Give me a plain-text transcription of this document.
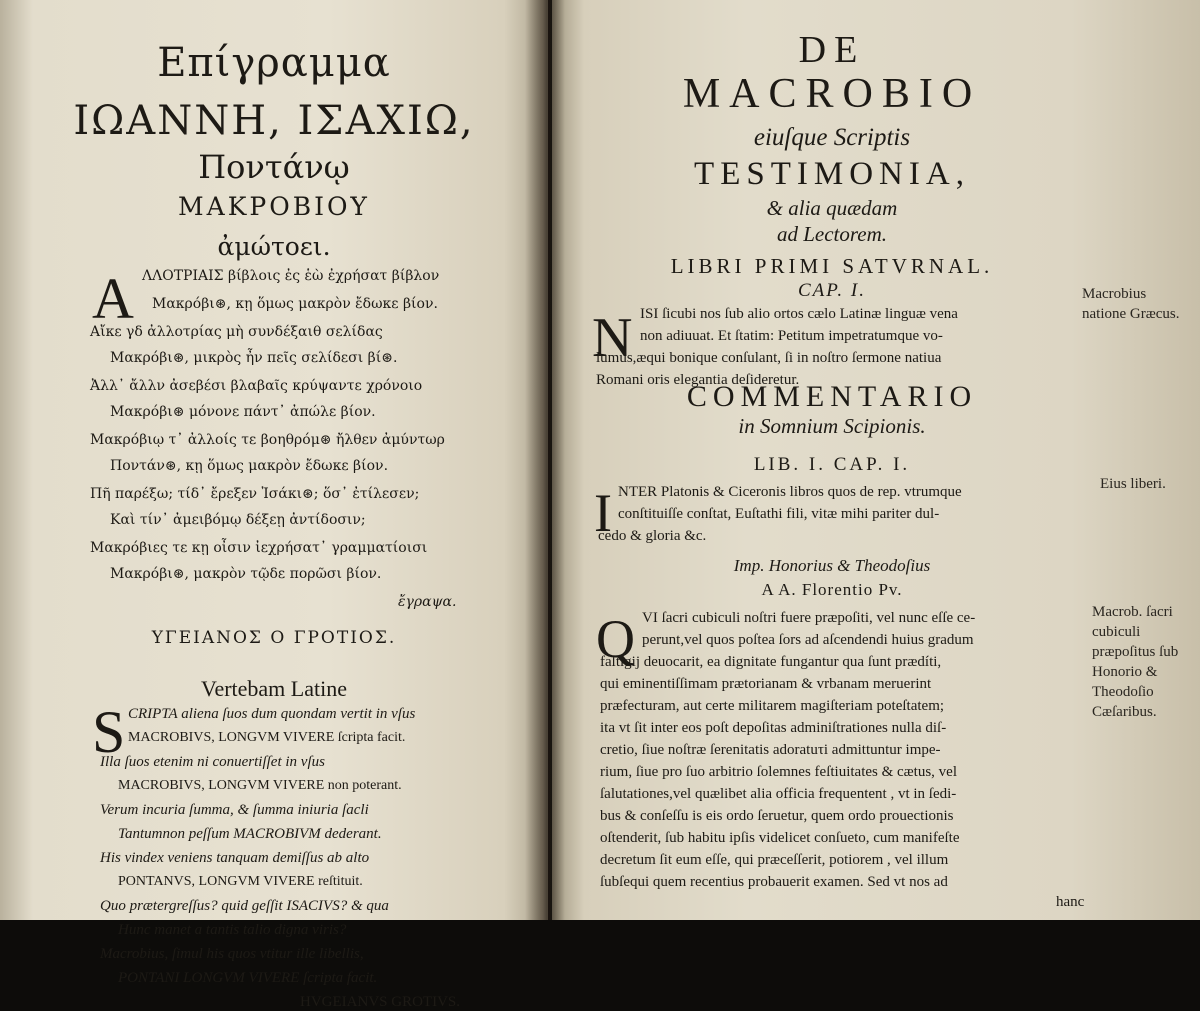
Επίγραμμα
ΙΩΑΝΝΗ, ΙΣΑΧΙΩ,
Ποντάνῳ
ΜΑΚΡΟΒΙΟΥ
ἀμώτοει.
A ΛΛΟΤΡΙΑΙΣ βίβλοις ἐς ἑὼ ἐχρήσατ βίβλον
Μακρόβι⊛, κῃ ὅμως μακρὸν ἔδωκε βίον.
Αἴκε γδ ἀλλοτρίας μὴ συνδέξαιθ σελίδας
Μακρόβι⊛, μικρὸς ἦν πεῖς σελίδεσι βί⊛.
Ἀλλ᾽ ἄλλν ἀσεβέσι βλαβαῖς κρύψαντε χρόνοιο
Μακρόβι⊛ μόνονε πάντ᾽ ἀπώλε βίον.
Μακρόβιῳ τ᾽ ἀλλοίς τε βοηθρόμ⊛ ἤλθεν ἀμύντωρ
Ποντάν⊛, κῃ ὅμως μακρὸν ἔδωκε βίον.
Πῆ παρέξω; τίδ᾽ ἔρεξεν Ἰσάκι⊛; ὅσ᾽ ἐτίλεσεν;
Καὶ τίν᾽ ἀμειβόμῳ δέξεῃ ἀντίδοσιν;
Μακρόβιες τε κῃ οἶσιν ἰεχρήσατ᾽ γραμματίοισι
Μακρόβι⊛, μακρὸν τῷδε πορῶσι βίον.
ἔγραψα.
ΥΓΕΙΑΝΟΣ Ο ΓΡΟΤΙΟΣ.
Vertebam Latine
S CRIPTA aliena ſuos dum quondam vertit in vſus
MACROBIVS, LONGVM VIVERE ſcripta facit.
Illa ſuos etenim ni conuertiſſet in vſus
MACROBIVS, LONGVM VIVERE non poterant.
Verum incuria ſumma, & ſumma iniuria ſacli
Tantumnon peſſum MACROBIVM dederant.
His vindex veniens tanquam demiſſus ab alto
PONTANVS, LONGVM VIVERE reſtituit.
Quo prætergreſſus? quid geſſit ISACIVS? & qua
Hunc manet a tantis talio digna viris?
Macrobius, ſimul his quos vtitur ille libellis,
PONTANI LONGVM VIVERE ſcripta facit.
HVGEIANVS GROTIVS.
DE
MACROBIO
eiuſque Scriptis
TESTIMONIA,
& alia quædam
ad Lectorem.
LIBRI PRIMI SATVRNAL.
CAP. I.
N ISI ſicubi nos ſub alio ortos cælo Latinæ linguæ vena
non adiuuat. Et ſtatim: Petitum impetratumque vo-
lumus,æqui bonique conſulant, ſi in noſtro ſermone natiua
Romani oris elegantia deſideretur.
Macrobius natione Græcus.
COMMENTARIO
in Somnium Scipionis.
LIB. I. CAP. I.
I NTER Platonis & Ciceronis libros quos de rep. vtrumque
conſtituiſſe conſtat, Euſtathi fili, vitæ mihi pariter dul-
cedo & gloria &c.
Eius liberi.
Imp. Honorius & Theodoſius
A A. Florentio Pv.
Q VI ſacri cubiculi noſtri fuere præpoſiti, vel nunc eſſe ce-
perunt,vel quos poſtea ſors ad aſcendendi huius gradum
faſtigij deuocarit, ea dignitate fungantur qua ſunt prædíti,
qui eminentiſſimam prætorianam & vrbanam meruerint
præfecturam, aut certe militarem magiſteriam poteſtatem;
ita vt ſit inter eos poſt depoſitas adminiſtrationes nulla diſ-
cretio, ſiue noſtræ ſerenitatis adoratuτi admittuntur impe-
rium, ſiue pro ſuo arbitrio ſolemnes feſtiuitates & cætus, vel
ſalutationes,vel quælibet alia officia frequentent , vt in ſedi-
bus & conſeſſu is eis ordo ſeruetur, quem ordo prouectionis
oſtenderit, ſub habitu ipſis videlicet conſueto, cum manifeſte
decretum ſit eum eſſe, qui præceſſerit, potiorem , vel illum
ſubſequi quem recentius probauerit examen. Sed vt nos ad
hanc
Macrob. ſacri cubiculi præpoſitus ſub Honorio & Theodoſio Cæſaribus.
